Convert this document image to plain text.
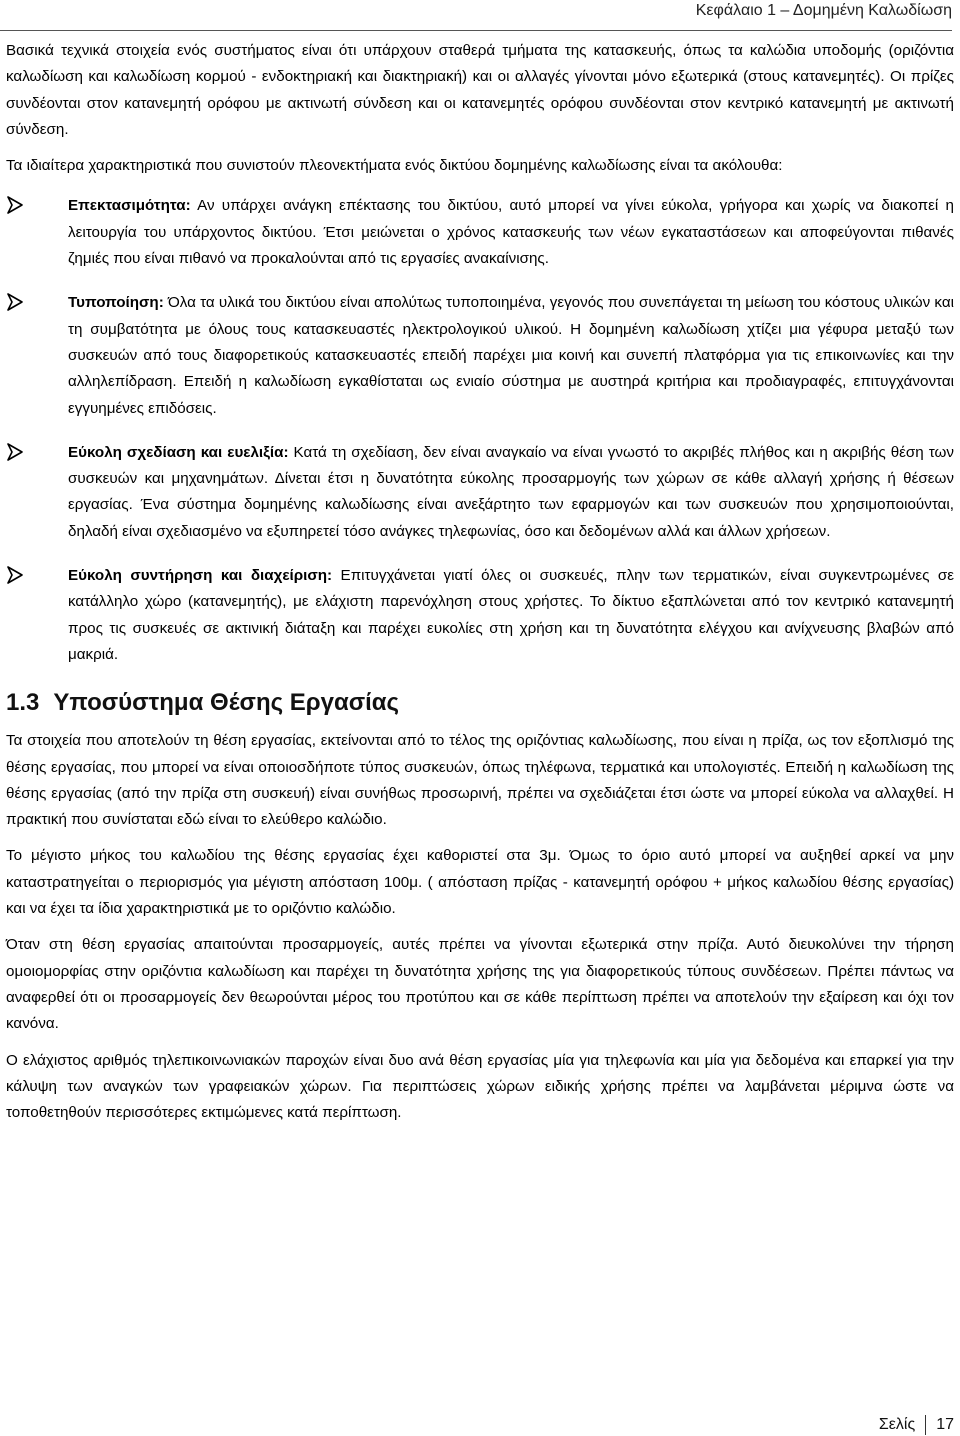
Κεφάλαιο 1 – Δομημένη Καλωδίωση

Βασικά τεχνικά στοιχεία ενός συστήματος είναι ότι υπάρχουν σταθερά τμήματα της κατασκευής, όπως τα καλώδια υποδομής (οριζόντια καλωδίωση και καλωδίωση κορμού - ενδοκτηριακή και διακτηριακή) και οι αλλαγές γίνονται μόνο εξωτερικά (στους κατανεμητές). Οι πρίζες συνδέονται στον κατανεμητή ορόφου με ακτινωτή σύνδεση και οι κατανεμητές ορόφου συνδέονται στον κεντρικό κατανεμητή με ακτινωτή σύνδεση.

Τα ιδιαίτερα χαρακτηριστικά που συνιστούν πλεονεκτήματα ενός δικτύου δομημένης καλωδίωσης είναι τα ακόλουθα:

Επεκτασιμότητα: Αν υπάρχει ανάγκη επέκτασης του δικτύου, αυτό μπορεί να γίνει εύκολα, γρήγορα και χωρίς να διακοπεί η λειτουργία του υπάρχοντος δικτύου. Έτσι μειώνεται ο χρόνος κατασκευής των νέων εγκαταστάσεων και αποφεύγονται πιθανές ζημιές που είναι πιθανό να προκαλούνται από τις εργασίες ανακαίνισης.

Τυποποίηση: Όλα τα υλικά του δικτύου είναι απολύτως τυποποιημένα, γεγονός που συνεπάγεται τη μείωση του κόστους υλικών και τη συμβατότητα με όλους τους κατασκευαστές ηλεκτρολογικού υλικού. Η δομημένη καλωδίωση χτίζει μια γέφυρα μεταξύ των συσκευών από τους διαφορετικούς κατασκευαστές επειδή παρέχει μια κοινή και συνεπή πλατφόρμα για τις επικοινωνίες και την αλληλεπίδραση. Επειδή η καλωδίωση εγκαθίσταται ως ενιαίο σύστημα με αυστηρά κριτήρια και προδιαγραφές, επιτυγχάνονται εγγυημένες επιδόσεις.

Εύκολη σχεδίαση και ευελιξία: Κατά τη σχεδίαση, δεν είναι αναγκαίο να είναι γνωστό το ακριβές πλήθος και η ακριβής θέση των συσκευών και μηχανημάτων. Δίνεται έτσι η δυνατότητα εύκολης προσαρμογής των χώρων σε κάθε αλλαγή χρήσης ή θέσεων εργασίας. Ένα σύστημα δομημένης καλωδίωσης είναι ανεξάρτητο των εφαρμογών και των συσκευών που χρησιμοποιούνται, δηλαδή είναι σχεδιασμένο να εξυπηρετεί τόσο ανάγκες τηλεφωνίας, όσο και δεδομένων αλλά και άλλων χρήσεων.

Εύκολη συντήρηση και διαχείριση: Επιτυγχάνεται γιατί όλες οι συσκευές, πλην των τερματικών, είναι συγκεντρωμένες σε κατάλληλο χώρο (κατανεμητής), με ελάχιστη παρενόχληση στους χρήστες. Το δίκτυο εξαπλώνεται από τον κεντρικό κατανεμητή προς τις συσκευές σε ακτινική διάταξη και παρέχει ευκολίες στη χρήση και τη δυνατότητα ελέγχου και ανίχνευσης βλαβών από μακριά.

1.3 Υποσύστημα Θέσης Εργασίας

Τα στοιχεία που αποτελούν τη θέση εργασίας, εκτείνονται από το τέλος της οριζόντιας καλωδίωσης, που είναι η πρίζα, ως τον εξοπλισμό της θέσης εργασίας, που μπορεί να είναι οποιοσδήποτε τύπος συσκευών, όπως τηλέφωνα, τερματικά και υπολογιστές. Επειδή η καλωδίωση της θέσης εργασίας (από την πρίζα στη συσκευή) είναι συνήθως προσωρινή, πρέπει να σχεδιάζεται έτσι ώστε να μπορεί εύκολα να αλλαχθεί. Η πρακτική που συνίσταται εδώ είναι το ελεύθερο καλώδιο.

Το μέγιστο μήκος του καλωδίου της θέσης εργασίας έχει καθοριστεί στα 3μ. Όμως το όριο αυτό μπορεί να αυξηθεί αρκεί να μην καταστρατηγείται ο περιορισμός για μέγιστη απόσταση 100μ. ( απόσταση πρίζας - κατανεμητή ορόφου + μήκος καλωδίου θέσης εργασίας) και να έχει τα ίδια χαρακτηριστικά με το οριζόντιο καλώδιο.

Όταν στη θέση εργασίας απαιτούνται προσαρμογείς, αυτές πρέπει να γίνονται εξωτερικά στην πρίζα. Αυτό διευκολύνει την τήρηση ομοιομορφίας στην οριζόντια καλωδίωση και παρέχει τη δυνατότητα χρήσης της για διαφορετικούς τύπους συνδέσεων. Πρέπει πάντως να αναφερθεί ότι οι προσαρμογείς δεν θεωρούνται μέρος του προτύπου και σε κάθε περίπτωση πρέπει να αποτελούν την εξαίρεση και όχι τον κανόνα.

Ο ελάχιστος αριθμός τηλεπικοινωνιακών παροχών είναι δυο ανά θέση εργασίας μία για τηλεφωνία και μία για δεδομένα και επαρκεί για την κάλυψη των αναγκών των γραφειακών χώρων. Για περιπτώσεις χώρων ειδικής χρήσης πρέπει να λαμβάνεται μέριμνα ώστε να τοποθετηθούν περισσότερες εκτιμώμενες κατά περίπτωση.

Σελίς 17
